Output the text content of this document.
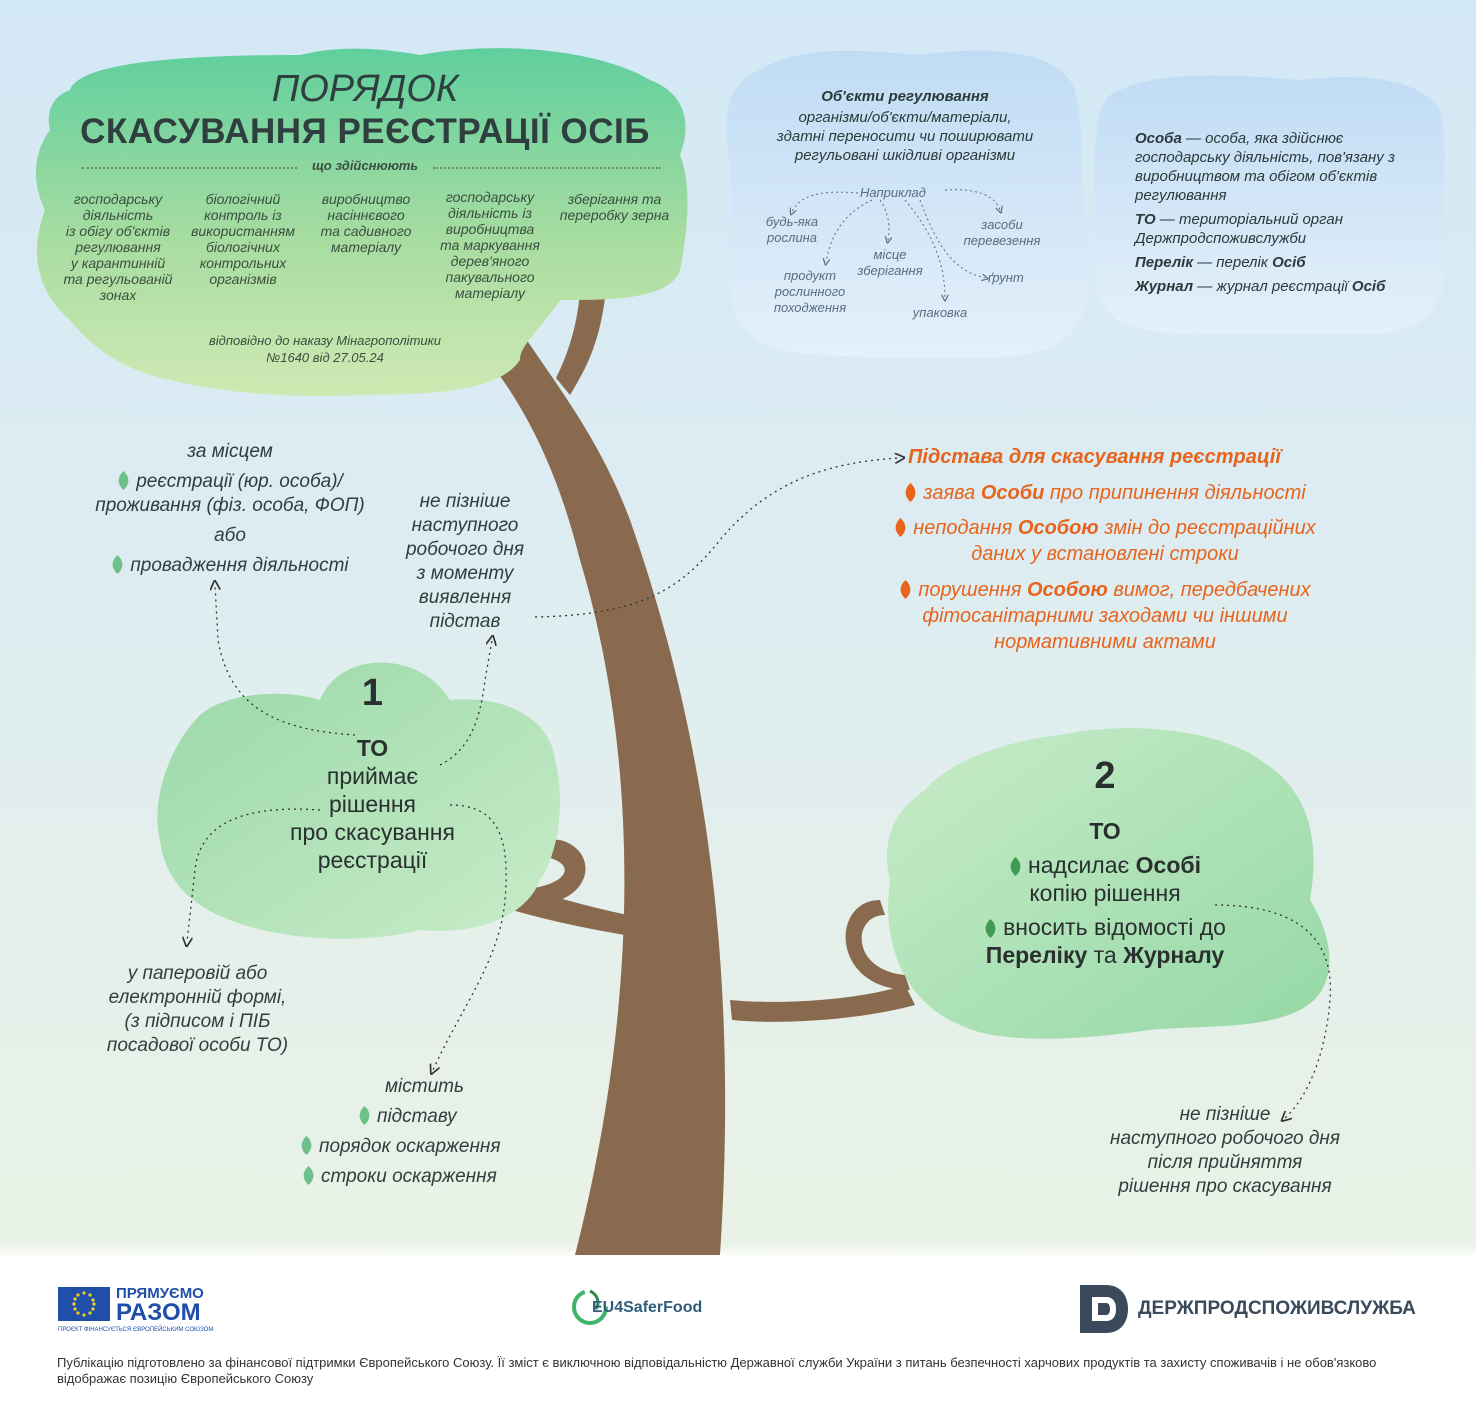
ПОРЯДОК
СКАСУВАННЯ РЕЄСТРАЦІЇ ОСІБ
що здійснюють
господарську
діяльність
із обігу об'єктів
регулювання
у карантинній
та регульованій
зонах
біологічний
контроль із
використанням
біологічних
контрольних
організмів
виробництво
насіннєвого
та садивного
матеріалу
господарську
діяльність із
виробництва
та маркування
дерев'яного
пакувального
матеріалу
зберігання та
переробку зерна
відповідно до наказу Мінагрополітики
№1640 від 27.05.24
Об'єкти регулювання
організми/об'єкти/матеріали,
здатні переносити чи поширювати
регульовані шкідливі організми
Наприклад
будь-яка
рослина
продукт
рослинного
походження
місце
зберігання
упаковка
ґрунт
засоби
перевезення
Особа — особа, яка здійснює господарську діяльність, пов'язану з виробництвом та обігом об'єктів регулювання
ТО — територіальний орган Держпродспоживслужби
Перелік — перелік Осіб
Журнал — журнал реєстрації Осіб
за місцем
реєстрації (юр. особа)/
проживання (фіз. особа, ФОП)
або
провадження діяльності
не пізніше
наступного
робочого дня
з моменту
виявлення
підстав
Підстава для скасування реєстрації
заява Особи про припинення діяльності
неподання Особою змін до реєстраційних
даних у встановлені строки
порушення Особою вимог, передбачених
фітосанітарними заходами чи іншими
нормативними актами
1
ТО
приймає
рішення
про скасування
реєстрації
2
ТО
надсилає Особі
копію рішення
вносить відомості до
Переліку та Журналу
у паперовій або
електронній формі,
(з підписом і ПІБ
посадової особи ТО)
містить
підставу
порядок оскарження
строки оскарження
не пізніше
наступного робочого дня
після прийняття
рішення про скасування
ПРЯМУЄМО
РАЗОМ
ПРОЄКТ ФІНАНСУЄТЬСЯ ЄВРОПЕЙСЬКИМ СОЮЗОМ
EU4SaferFood	ДЕРЖПРОДСПОЖИВСЛУЖБА
Публікацію підготовлено за фінансової підтримки Європейського Союзу. Її зміст є виключною відповідальністю Державної служби України з питань безпечності харчових продуктів та захисту споживачів і не обов'язково відображає позицію Європейського Союзу
